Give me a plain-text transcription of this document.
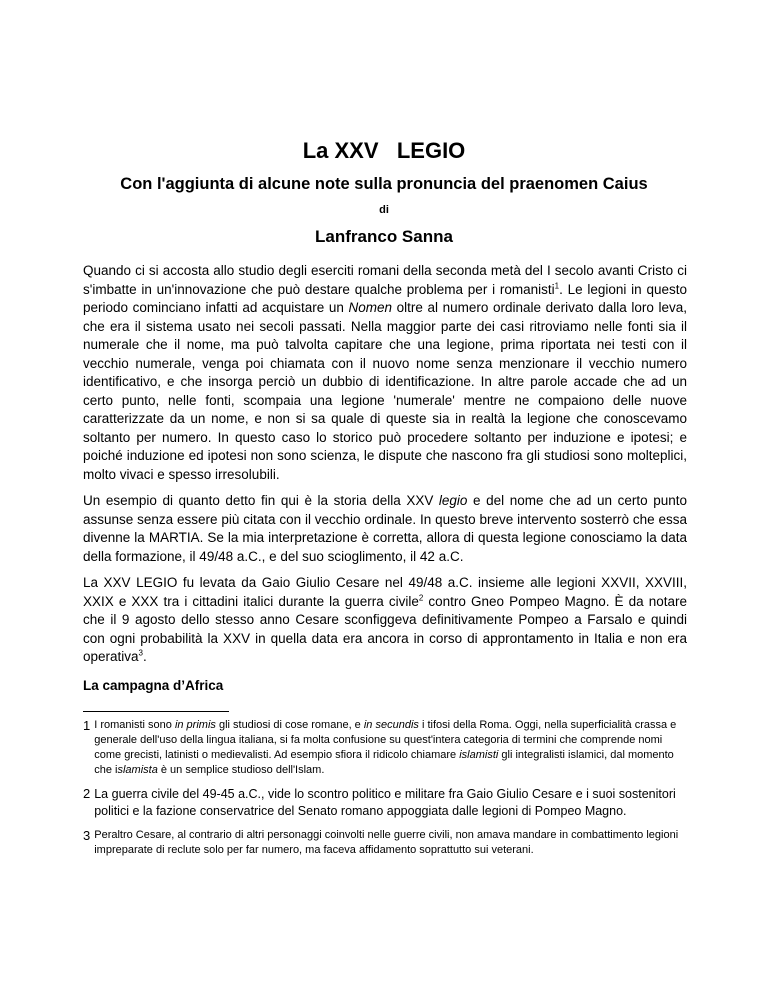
La XXV   LEGIO
Con l'aggiunta di alcune note sulla pronuncia del praenomen Caius
di
Lanfranco Sanna

Quando ci si accosta allo studio degli eserciti romani della seconda metà del I secolo avanti Cristo ci s'imbatte in un'innovazione che può destare qualche problema per i romanisti$^1$. Le legioni in questo periodo cominciano infatti ad acquistare un Nomen oltre al numero ordinale derivato dalla loro leva, che era il sistema usato nei secoli passati. Nella maggior parte dei casi ritroviamo nelle fonti sia il numerale che il nome, ma può talvolta capitare che una legione, prima riportata nei testi con il vecchio numerale, venga poi chiamata con il nuovo nome senza menzionare il vecchio numero identificativo, e che insorga perciò un dubbio di identificazione. In altre parole accade che ad un certo punto, nelle fonti, scompaia una legione 'numerale' mentre ne compaiono delle nuove caratterizzate da un nome, e non si sa quale di queste sia in realtà la legione che conoscevamo soltanto per numero. In questo caso lo storico può procedere soltanto per induzione e ipotesi; e poiché induzione ed ipotesi non sono scienza, le dispute che nascono fra gli studiosi sono molteplici, molto vivaci e spesso irresolubili.

Un esempio di quanto detto fin qui è la storia della XXV legio e del nome che ad un certo punto assunse senza essere più citata con il vecchio ordinale. In questo breve intervento sosterrò che essa divenne la MARTIA. Se la mia interpretazione è corretta, allora di questa legione conosciamo la data della formazione, il 49/48 a.C., e del suo scioglimento, il 42 a.C.

La XXV LEGIO fu levata da Gaio Giulio Cesare nel 49/48 a.C. insieme alle legioni XXVII, XXVIII, XXIX e XXX tra i cittadini italici durante la guerra civile$^2$ contro Gneo Pompeo Magno. È da notare che il 9 agosto dello stesso anno Cesare sconfiggeva definitivamente Pompeo a Farsalo e quindi con ogni probabilità la XXV in quella data era ancora in corso di approntamento in Italia e non era operativa$^3$.

La campagna d’Africa
1 I romanisti sono in primis gli studiosi di cose romane, e in secundis i tifosi della Roma. Oggi, nella superficialità crassa e generale dell'uso della lingua italiana, si fa molta confusione su quest'intera categoria di termini che comprende nomi come grecisti, latinisti o medievalisti. Ad esempio sfiora il ridicolo chiamare islamisti gli integralisti islamici, dal momento che islamista è un semplice studioso dell'Islam.
2 La guerra civile del 49-45 a.C., vide lo scontro politico e militare fra Gaio Giulio Cesare e i suoi sostenitori politici e la fazione conservatrice del Senato romano appoggiata dalle legioni di Pompeo Magno.
3 Peraltro Cesare, al contrario di altri personaggi coinvolti nelle guerre civili, non amava mandare in combattimento legioni impreparate di reclute solo per far numero, ma faceva affidamento soprattutto sui veterani.
